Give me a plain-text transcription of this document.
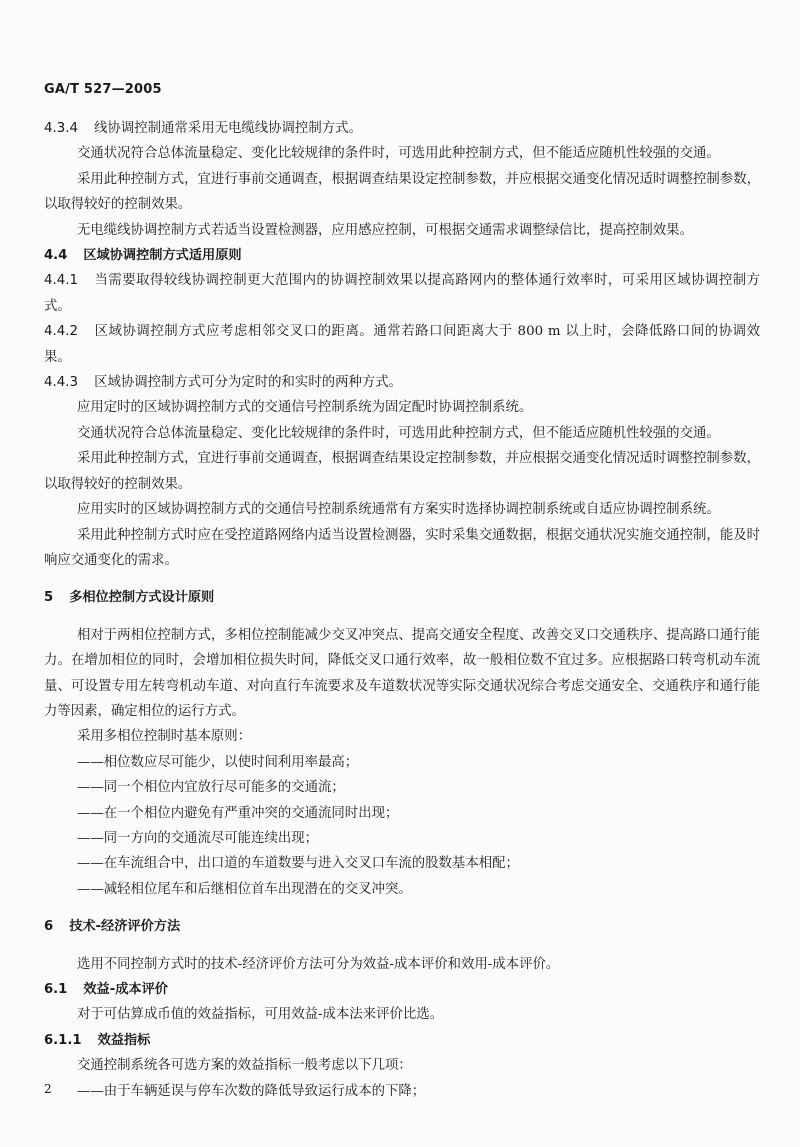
GA/T 527—2005

4.3.4 线协调控制通常采用无电缆线协调控制方式。

交通状况符合总体流量稳定、变化比较规律的条件时，可选用此种控制方式，但不能适应随机性较强的交通。

采用此种控制方式，宜进行事前交通调查，根据调查结果设定控制参数，并应根据交通变化情况适时调整控制参数，以取得较好的控制效果。

无电缆线协调控制方式若适当设置检测器，应用感应控制，可根据交通需求调整绿信比，提高控制效果。

4.4 区域协调控制方式适用原则

4.4.1 当需要取得较线协调控制更大范围内的协调控制效果以提高路网内的整体通行效率时，可采用区域协调控制方式。

4.4.2 区域协调控制方式应考虑相邻交叉口的距离。通常若路口间距离大于 800 m 以上时，会降低路口间的协调效果。

4.4.3 区域协调控制方式可分为定时的和实时的两种方式。

应用定时的区域协调控制方式的交通信号控制系统为固定配时协调控制系统。

交通状况符合总体流量稳定、变化比较规律的条件时，可选用此种控制方式，但不能适应随机性较强的交通。

采用此种控制方式，宜进行事前交通调查，根据调查结果设定控制参数，并应根据交通变化情况适时调整控制参数，以取得较好的控制效果。

应用实时的区域协调控制方式的交通信号控制系统通常有方案实时选择协调控制系统或自适应协调控制系统。

采用此种控制方式时应在受控道路网络内适当设置检测器，实时采集交通数据，根据交通状况实施交通控制，能及时响应交通变化的需求。

5 多相位控制方式设计原则

相对于两相位控制方式，多相位控制能减少交叉冲突点、提高交通安全程度、改善交叉口交通秩序、提高路口通行能力。在增加相位的同时，会增加相位损失时间，降低交叉口通行效率，故一般相位数不宜过多。应根据路口转弯机动车流量、可设置专用左转弯机动车道、对向直行车流要求及车道数状况等实际交通状况综合考虑交通安全、交通秩序和通行能力等因素，确定相位的运行方式。

采用多相位控制时基本原则：

——相位数应尽可能少，以使时间利用率最高；

——同一个相位内宜放行尽可能多的交通流；

——在一个相位内避免有严重冲突的交通流同时出现；

——同一方向的交通流尽可能连续出现；

——在车流组合中，出口道的车道数要与进入交叉口车流的股数基本相配；

——减轻相位尾车和后继相位首车出现潜在的交叉冲突。

6 技术-经济评价方法

选用不同控制方式时的技术-经济评价方法可分为效益-成本评价和效用-成本评价。

6.1 效益-成本评价

对于可估算成币值的效益指标，可用效益-成本法来评价比选。

6.1.1 效益指标

交通控制系统各可选方案的效益指标一般考虑以下几项：

——由于车辆延误与停车次数的降低导致运行成本的下降；

2
